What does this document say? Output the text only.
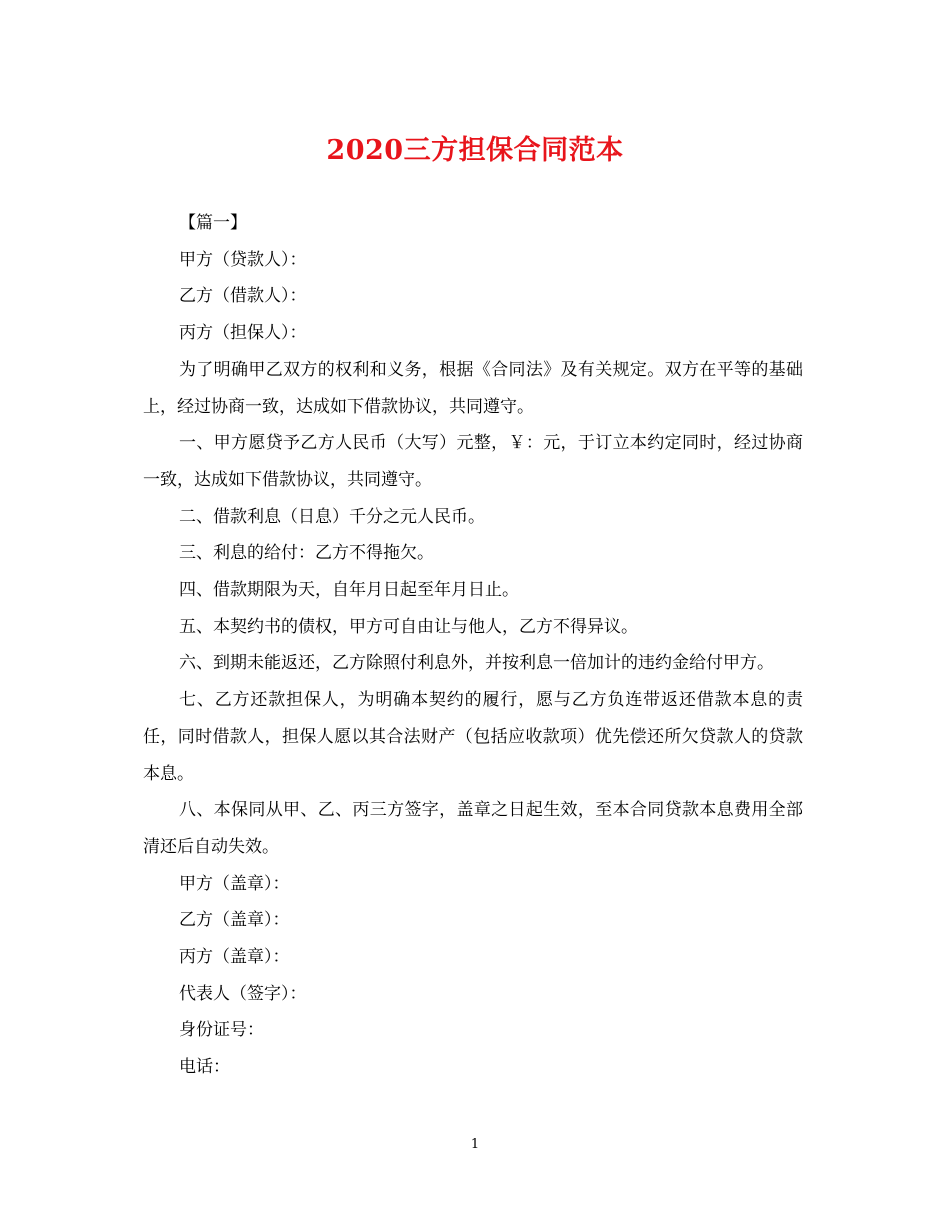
2020三方担保合同范本

【篇一】

甲方（贷款人）：

乙方（借款人）：

丙方（担保人）：

为了明确甲乙双方的权利和义务，根据《合同法》及有关规定。双方在平等的基础上，经过协商一致，达成如下借款协议，共同遵守。

一、甲方愿贷予乙方人民币（大写）元整，￥：元，于订立本约定同时，经过协商一致，达成如下借款协议，共同遵守。

二、借款利息（日息）千分之元人民币。

三、利息的给付：乙方不得拖欠。

四、借款期限为天，自年月日起至年月日止。

五、本契约书的债权，甲方可自由让与他人，乙方不得异议。

六、到期未能返还，乙方除照付利息外，并按利息一倍加计的违约金给付甲方。

七、乙方还款担保人，为明确本契约的履行，愿与乙方负连带返还借款本息的责任，同时借款人，担保人愿以其合法财产（包括应收款项）优先偿还所欠贷款人的贷款本息。

八、本保同从甲、乙、丙三方签字，盖章之日起生效，至本合同贷款本息费用全部清还后自动失效。

甲方（盖章）：

乙方（盖章）：

丙方（盖章）：

代表人（签字）：

身份证号：

电话：

1
